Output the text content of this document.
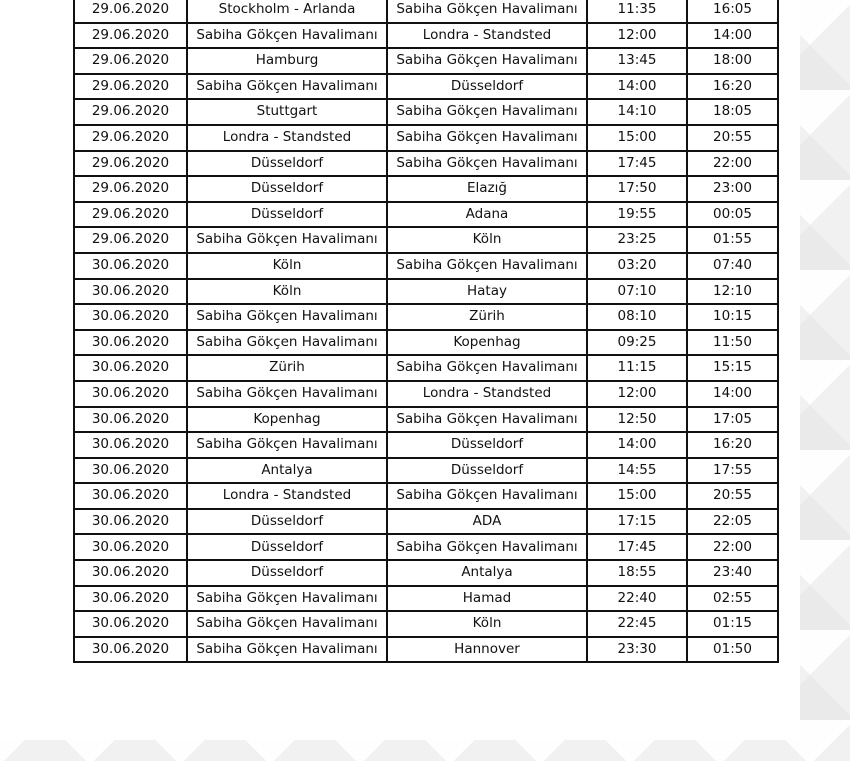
29.06.2020	Stockholm - Arlanda	Sabiha Gökçen Havalimanı	11:35	16:05
29.06.2020	Sabiha Gökçen Havalimanı	Londra - Standsted	12:00	14:00
29.06.2020	Hamburg	Sabiha Gökçen Havalimanı	13:45	18:00
29.06.2020	Sabiha Gökçen Havalimanı	Düsseldorf	14:00	16:20
29.06.2020	Stuttgart	Sabiha Gökçen Havalimanı	14:10	18:05
29.06.2020	Londra - Standsted	Sabiha Gökçen Havalimanı	15:00	20:55
29.06.2020	Düsseldorf	Sabiha Gökçen Havalimanı	17:45	22:00
29.06.2020	Düsseldorf	Elazığ	17:50	23:00
29.06.2020	Düsseldorf	Adana	19:55	00:05
29.06.2020	Sabiha Gökçen Havalimanı	Köln	23:25	01:55
30.06.2020	Köln	Sabiha Gökçen Havalimanı	03:20	07:40
30.06.2020	Köln	Hatay	07:10	12:10
30.06.2020	Sabiha Gökçen Havalimanı	Zürih	08:10	10:15
30.06.2020	Sabiha Gökçen Havalimanı	Kopenhag	09:25	11:50
30.06.2020	Zürih	Sabiha Gökçen Havalimanı	11:15	15:15
30.06.2020	Sabiha Gökçen Havalimanı	Londra - Standsted	12:00	14:00
30.06.2020	Kopenhag	Sabiha Gökçen Havalimanı	12:50	17:05
30.06.2020	Sabiha Gökçen Havalimanı	Düsseldorf	14:00	16:20
30.06.2020	Antalya	Düsseldorf	14:55	17:55
30.06.2020	Londra - Standsted	Sabiha Gökçen Havalimanı	15:00	20:55
30.06.2020	Düsseldorf	ADA	17:15	22:05
30.06.2020	Düsseldorf	Sabiha Gökçen Havalimanı	17:45	22:00
30.06.2020	Düsseldorf	Antalya	18:55	23:40
30.06.2020	Sabiha Gökçen Havalimanı	Hamad	22:40	02:55
30.06.2020	Sabiha Gökçen Havalimanı	Köln	22:45	01:15
30.06.2020	Sabiha Gökçen Havalimanı	Hannover	23:30	01:50
